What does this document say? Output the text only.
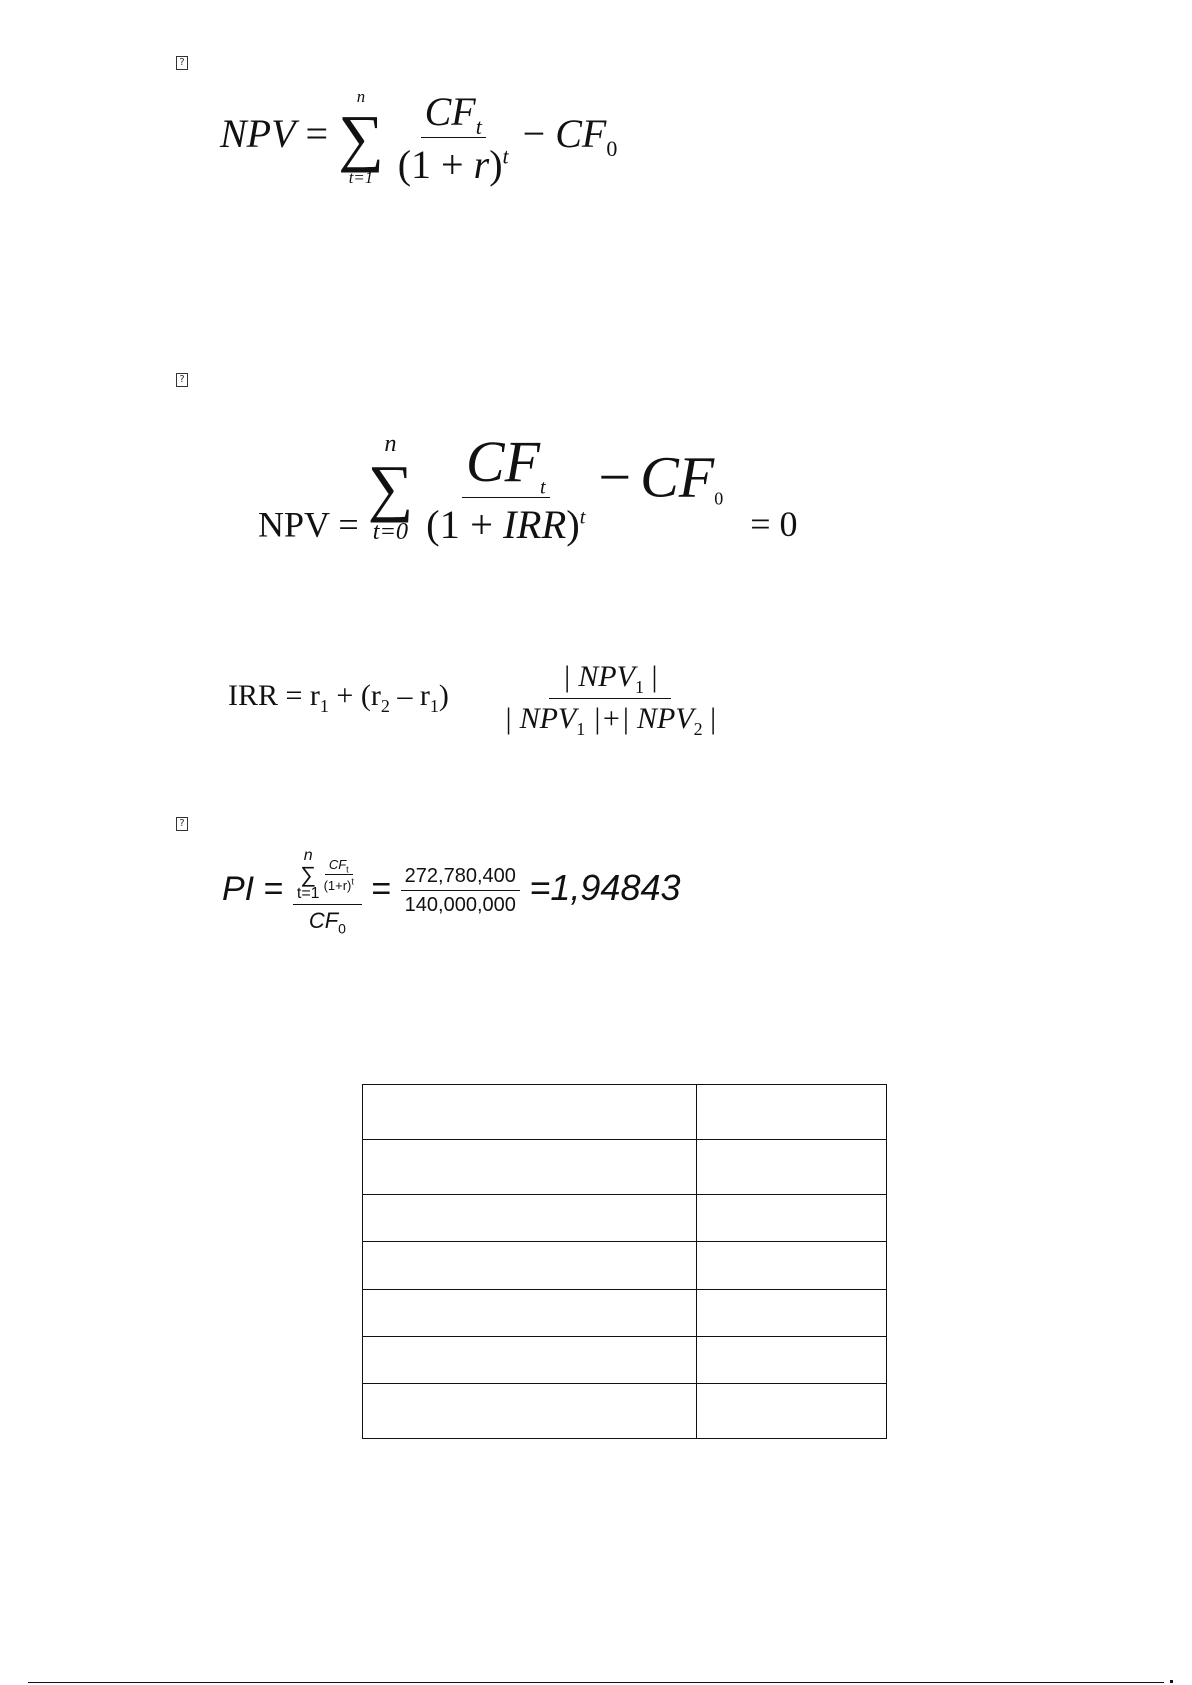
?
NPV =
n
∑
t=1
$\frac{CF_t}{(1 + r)^t} - CF_0$
?
NPV =
n
∑
t=0
$\frac{CF_t}{(1 + IRR)^t} - CF_0 = 0$
IRR = $r_1 + (r_2 - r_1) \frac{| NPV_1 |}{| NPV_1 |+| NPV_2 |}$
?
PI =
n
∑
t=1
$\frac{CF_t}{(1+r)^t}$
$CF_0$
= $\frac{272,780,400}{140,000,000} =1,94843$
